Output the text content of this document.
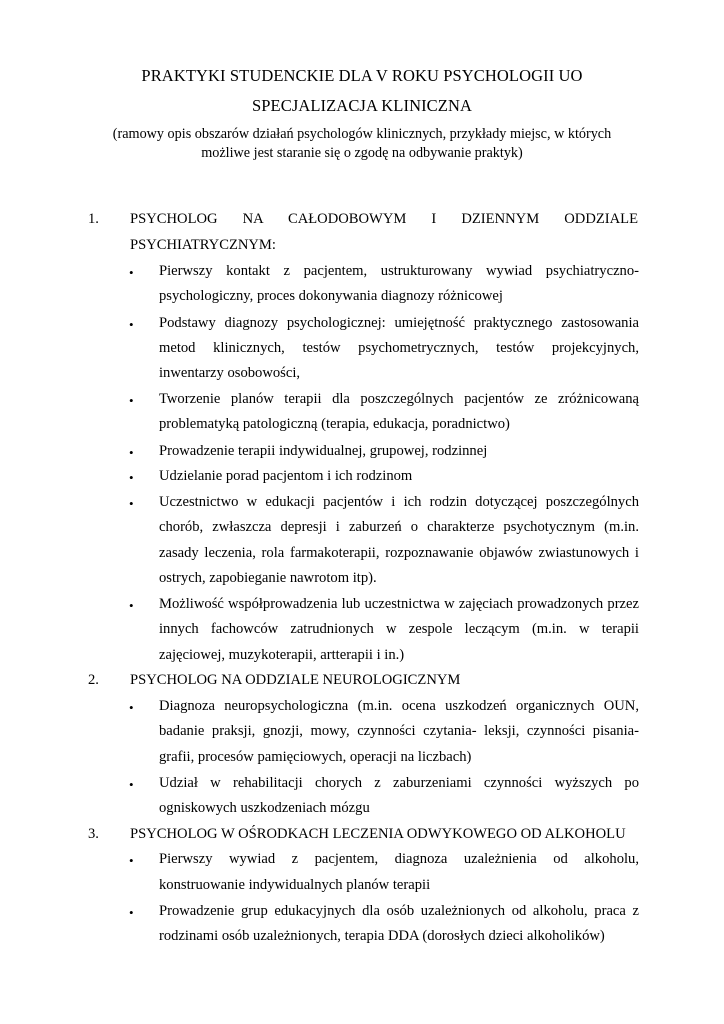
PRAKTYKI STUDENCKIE DLA V ROKU PSYCHOLOGII UO
SPECJALIZACJA KLINICZNA
(ramowy opis obszarów działań psychologów klinicznych, przykłady miejsc, w których
możliwe jest staranie się o zgodę na odbywanie praktyk)
1. PSYCHOLOG NA CAŁODOBOWYM I DZIENNYM ODDZIALE
PSYCHIATRYCZNYM:
• Pierwszy kontakt z pacjentem, ustrukturowany wywiad psychiatryczno-
psychologiczny, proces dokonywania diagnozy różnicowej
• Podstawy diagnozy psychologicznej: umiejętność praktycznego zastosowania
metod klinicznych, testów psychometrycznych, testów projekcyjnych,
inwentarzy osobowości,
• Tworzenie planów terapii dla poszczególnych pacjentów ze zróżnicowaną
problematyką patologiczną (terapia, edukacja, poradnictwo)
• Prowadzenie terapii indywidualnej, grupowej, rodzinnej
• Udzielanie porad pacjentom i ich rodzinom
• Uczestnictwo w edukacji pacjentów i ich rodzin dotyczącej poszczególnych
chorób, zwłaszcza depresji i zaburzeń o charakterze psychotycznym (m.in.
zasady leczenia, rola farmakoterapii, rozpoznawanie objawów zwiastunowych i
ostrych, zapobieganie nawrotom itp).
• Możliwość współprowadzenia lub uczestnictwa w zajęciach prowadzonych przez
innych fachowców zatrudnionych w zespole leczącym (m.in. w terapii
zajęciowej, muzykoterapii, artterapii i in.)
2. PSYCHOLOG NA ODDZIALE NEUROLOGICZNYM
• Diagnoza neuropsychologiczna (m.in. ocena uszkodzeń organicznych OUN,
badanie praksji, gnozji, mowy, czynności czytania- leksji, czynności pisania-
grafii, procesów pamięciowych, operacji na liczbach)
• Udział w rehabilitacji chorych z zaburzeniami czynności wyższych po
ogniskowych uszkodzeniach mózgu
3. PSYCHOLOG W OŚRODKACH LECZENIA ODWYKOWEGO OD ALKOHOLU
• Pierwszy wywiad z pacjentem, diagnoza uzależnienia od alkoholu,
konstruowanie indywidualnych planów terapii
• Prowadzenie grup edukacyjnych dla osób uzależnionych od alkoholu, praca z
rodzinami osób uzależnionych, terapia DDA (dorosłych dzieci alkoholików)
